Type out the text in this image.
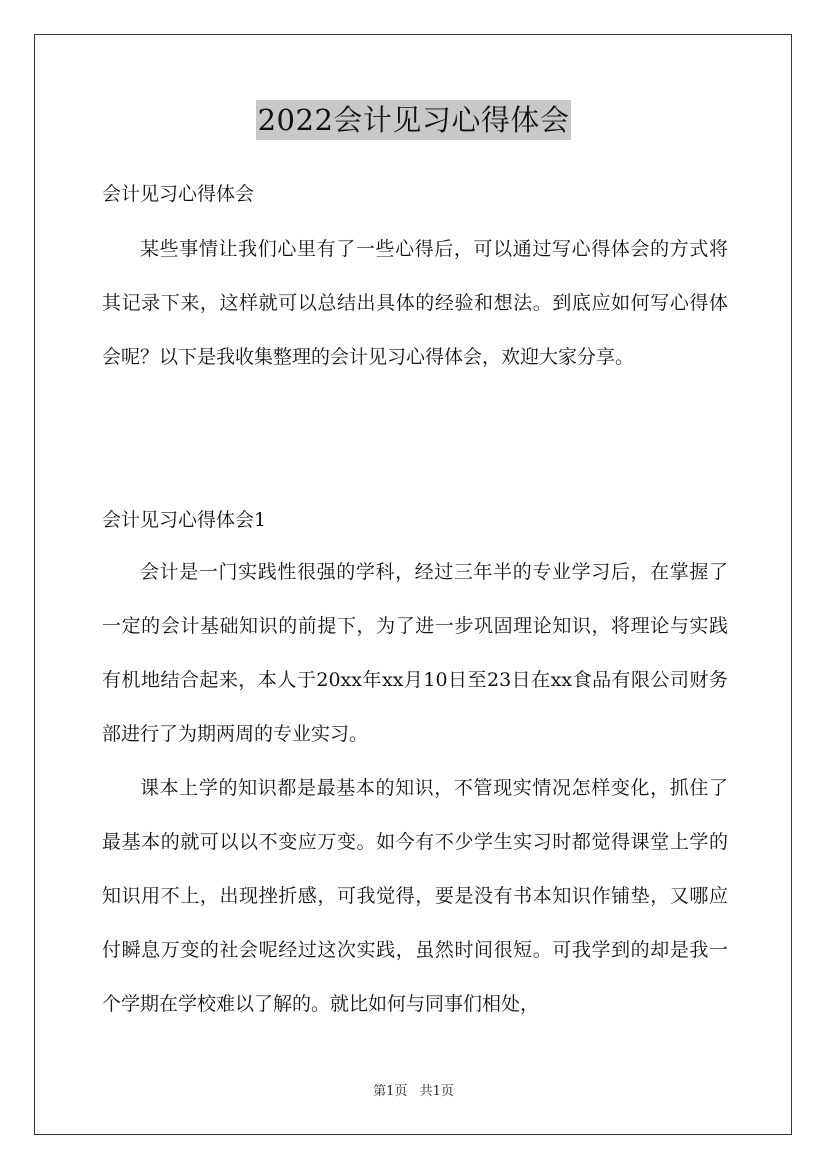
2022会计见习心得体会

会计见习心得体会

某些事情让我们心里有了一些心得后，可以通过写心得体会的方式将其记录下来，这样就可以总结出具体的经验和想法。到底应如何写心得体会呢？以下是我收集整理的会计见习心得体会，欢迎大家分享。

会计见习心得体会1

会计是一门实践性很强的学科，经过三年半的专业学习后，在掌握了一定的会计基础知识的前提下，为了进一步巩固理论知识，将理论与实践有机地结合起来，本人于20xx年xx月10日至23日在xx食品有限公司财务部进行了为期两周的专业实习。

课本上学的知识都是最基本的知识，不管现实情况怎样变化，抓住了最基本的就可以以不变应万变。如今有不少学生实习时都觉得课堂上学的知识用不上，出现挫折感，可我觉得，要是没有书本知识作铺垫，又哪应付瞬息万变的社会呢经过这次实践，虽然时间很短。可我学到的却是我一个学期在学校难以了解的。就比如何与同事们相处，

第1页 共1页
